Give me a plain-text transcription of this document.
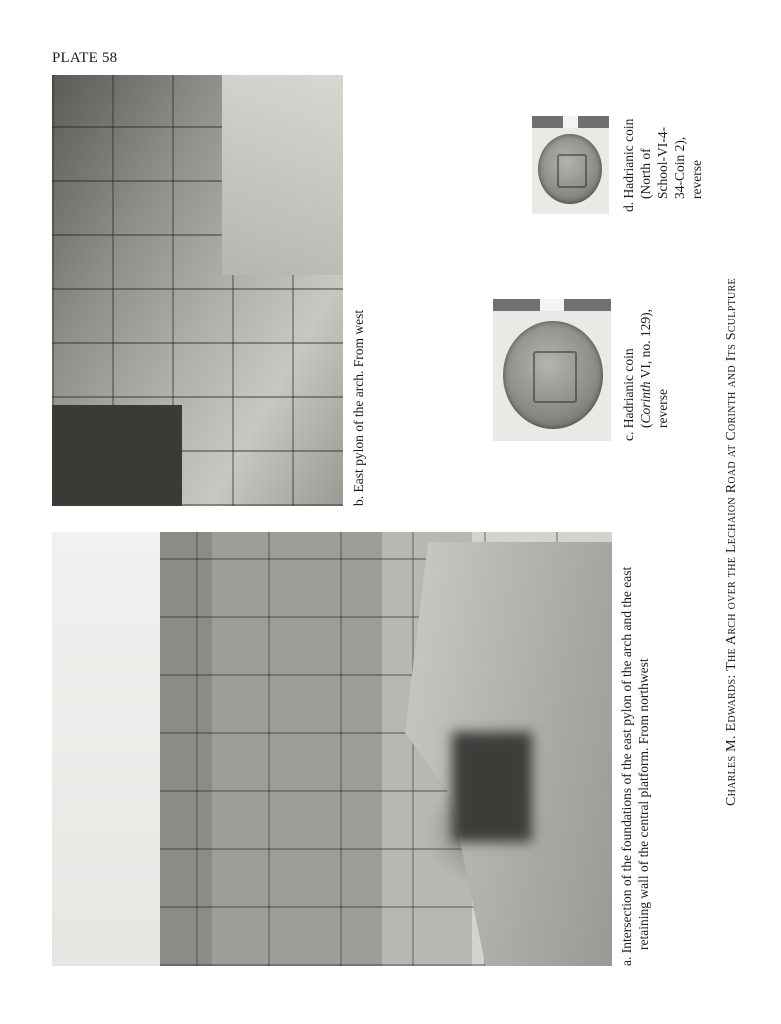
PLATE 58
a. Intersection of the foundations of the east pylon of the arch and the east retaining wall of the central platform. From northwest
b. East pylon of the arch. From west	c. Hadrianic coin (Corinth VI, no. 129),
reverse
d. Hadrianic coin (North of School-VI-4- 34-Coin 2), reverse
Charles M. Edwards: The Arch over the Lechaion Road at Corinth and Its Sculpture
